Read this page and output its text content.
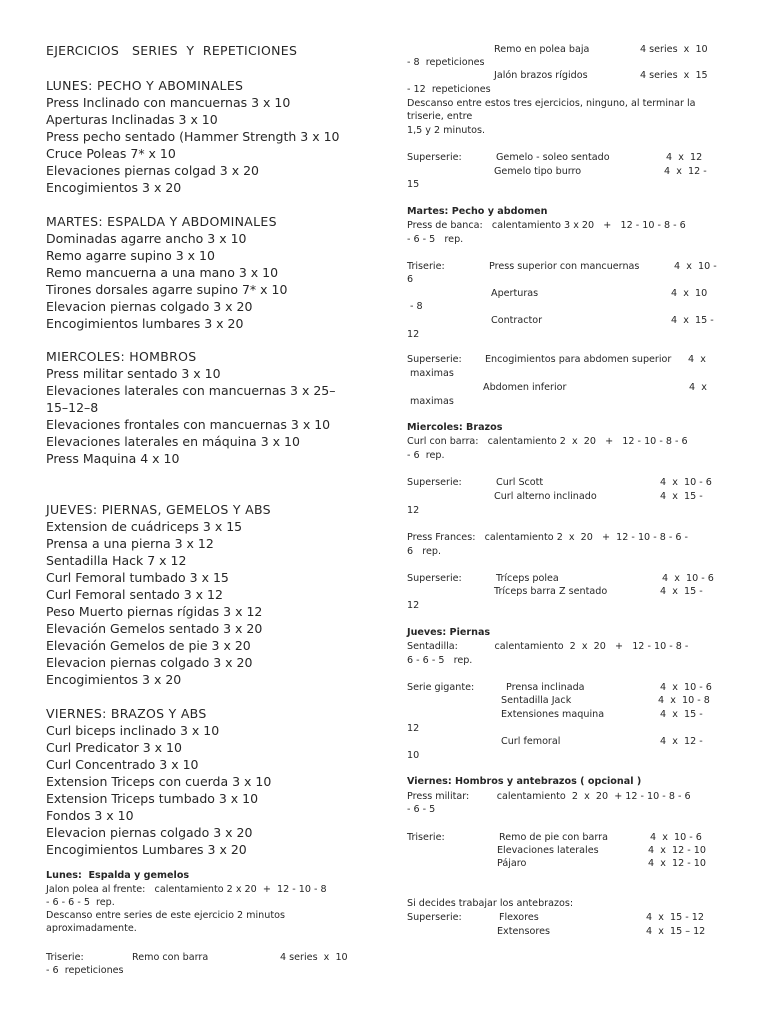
EJERCICIOS   SERIES  Y  REPETICIONES
LUNES: PECHO Y ABOMINALES
Press Inclinado con mancuernas 3 x 10
Aperturas Inclinadas 3 x 10
Press pecho sentado (Hammer Strength 3 x 10
Cruce Poleas 7* x 10
Elevaciones piernas colgad 3 x 20
Encogimientos 3 x 20
MARTES: ESPALDA Y ABDOMINALES
Dominadas agarre ancho 3 x 10
Remo agarre supino 3 x 10
Remo mancuerna a una mano 3 x 10
Tirones dorsales agarre supino 7* x 10
Elevacion piernas colgado 3 x 20
Encogimientos lumbares 3 x 20
MIERCOLES: HOMBROS
Press militar sentado 3 x 10
Elevaciones laterales con mancuernas 3 x 25–
15–12–8
Elevaciones frontales con mancuernas 3 x 10
Elevaciones laterales en máquina 3 x 10
Press Maquina 4 x 10
JUEVES: PIERNAS, GEMELOS Y ABS
Extension de cuádriceps 3 x 15
Prensa a una pierna 3 x 12
Sentadilla Hack 7 x 12
Curl Femoral tumbado 3 x 15
Curl Femoral sentado 3 x 12
Peso Muerto piernas rígidas 3 x 12
Elevación Gemelos sentado 3 x 20
Elevación Gemelos de pie 3 x 20
Elevacion piernas colgado 3 x 20
Encogimientos 3 x 20
VIERNES: BRAZOS Y ABS
Curl biceps inclinado 3 x 10
Curl Predicator 3 x 10
Curl Concentrado 3 x 10
Extension Triceps con cuerda 3 x 10
Extension Triceps tumbado 3 x 10
Fondos 3 x 10
Elevacion piernas colgado 3 x 20
Encogimientos Lumbares 3 x 20
Lunes:  Espalda y gemelos
Jalon polea al frente:   calentamiento 2 x 20  +  12 - 10 - 8
- 6 - 6 - 5  rep.
Descanso entre series de este ejercicio 2 minutos
aproximadamente.
Triserie:	Remo con barra	4 series  x  10
- 6  repeticiones
Remo en polea baja	4 series  x  10
- 8  repeticiones
Jalón brazos rígidos	4 series  x  15
- 12  repeticiones
Descanso entre estos tres ejercicios, ninguno, al terminar la
triserie, entre
1,5 y 2 minutos.
Superserie:	Gemelo - soleo sentado	4  x  12
Gemelo tipo burro	4  x  12 -
15
Martes: Pecho y abdomen
Press de banca:   calentamiento 3 x 20   +   12 - 10 - 8 - 6
- 6 - 5   rep.
Triserie:	Press superior con mancuernas	4  x  10 -
6
Aperturas	4  x  10
- 8
Contractor	4  x  15 -
12
Superserie: Encogimientos para abdomen superior 4  x
maximas
Abdomen inferior	4  x
maximas
Miercoles: Brazos
Curl con barra:   calentamiento 2  x  20   +   12 - 10 - 8 - 6
- 6  rep.
Superserie:	Curl Scott	4  x  10 - 6
Curl alterno inclinado	4  x  15 -
12
Press Frances:   calentamiento 2  x  20   +  12 - 10 - 8 - 6 -
6   rep.
Superserie:	Tríceps polea	4  x  10 - 6
Tríceps barra Z sentado	4  x  15 -
12
Jueves: Piernas
Sentadilla:            calentamiento  2  x  20   +   12 - 10 - 8 -
6 - 6 - 5   rep.
Serie gigante:	Prensa inclinada	4  x  10 - 6
Sentadilla Jack	4  x  10 - 8
Extensiones maquina	4  x  15 -
12
Curl femoral	4  x  12 -
10
Viernes: Hombros y antebrazos ( opcional )
Press militar:         calentamiento  2  x  20  + 12 - 10 - 8 - 6
- 6 - 5
Triserie:	Remo de pie con barra	4  x  10 - 6
Elevaciones laterales	4  x  12 - 10
Pájaro	4  x  12 - 10
Si decides trabajar los antebrazos:
Superserie:	Flexores	4  x  15 - 12
Extensores	4  x  15 – 12
